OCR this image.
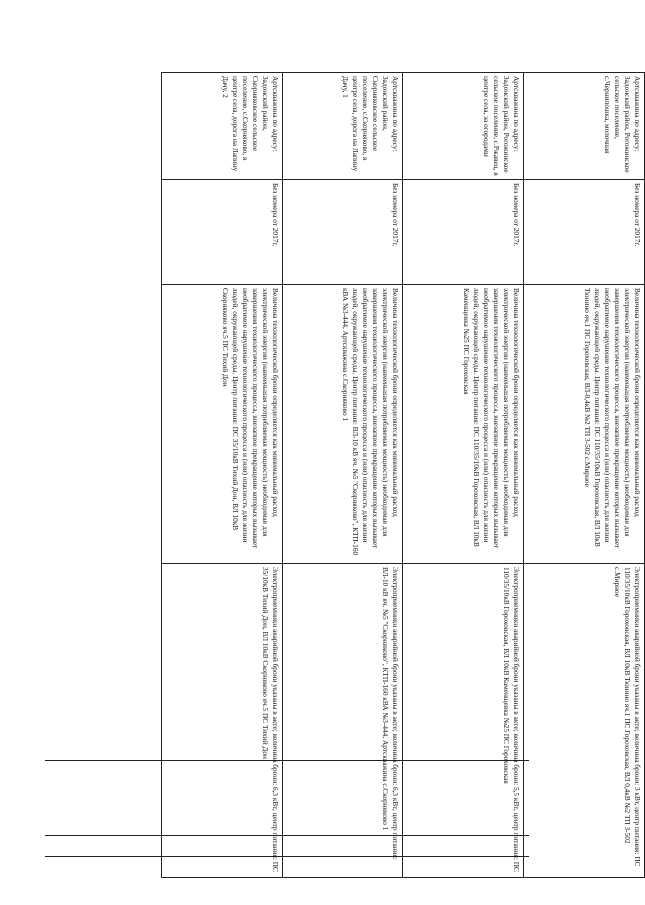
Артскважина по адресу: Задонский район, Рогожинское сельское поселение, с.Чернипошка, молочная	Без номера от 2017г.	Величина технологической брони определяется как минимальный расход электрической энергии (наименьшая потребляемая мощность) необходимая для завершения технологического процесса, внезапное прекращение которых вызывает необратимое нарушение технологического процесса и (или) опасность для жизни людей, окружающей среды. Центр питания: ПС 110/35/10кВ Гороховская, ВЛ 10кВ Тюнино яч.1 ПС Гороховская, ВЛ-0,4кВ №2 ТП 3-502 с.Мирное	Электроприемники аварийной брони указаны в акте; величина брони: 3 кВт, центр питания: ПС 110/35/10кВ Гороховская, ВЛ 10кВ Тюнино яч.1 ПС Гороховская, ВЛ 0,4кВ №2 ТП 3-502 с.Мирное
Артскважина по адресу: Задонский район, Рогожинское сельское поселение, с.Ржавец, в центре села, за огородами	Без номера от 2017г.	Величина технологической брони определяется как минимальный расход электрической энергии (наименьшая потребляемая мощность) необходимая для завершения технологического процесса, внезапное прекращение которых вызывает необратимое нарушение технологического процесса и (или) опасность для жизни людей, окружающей среды. Центр питания: ПС 110/35/10кВ Гороховская, ВЛ 10кВ Каменщевка №25 ПС Гороховская	Электроприемники аварийной брони указаны в акте; величина брони: 5,5 кВт, центр питания: ПС 110/35/10кВ Гороховская, ВЛ 10кВ Каменщевка №25 ПС Гороховская
Артскважина по адресу: Задонский район, Скорняковское сельское поселение, с.Скорняково, в центре села, дорога на Лапину Дачу, 1	Без номера от 2017г.	Величина технологической брони определяется как минимальный расход электрической энергии (наименьшая потребляемая мощность) необходимая для завершения технологического процесса, внезапное прекращение которых вызывает необратимое нарушение технологического процесса и (или) опасность для жизни людей, окружающей среды. Центр питания: ВЛ-10 кВ яч. №5 "Скорняково", КТП-160 кВА №3-444, Артскважина с.Скорняково 1	Электроприемники аварийной брони указаны в акте; величина брони: 6,3 кВт, центр питания: ВЛ-10 кВ яч. №5 "Скорняково", КТП-160 кВА №3-444, Артскважина с.Скорняково 1
Артскважина по адресу: Задонский район, Скорняковское сельское поселение, с.Скорняково, в центре села, дорога на Лапину Дачу, 2	Без номера от 2017г.	Величина технологической брони определяется как минимальный расход электрической энергии (наименьшая потребляемая мощность) необходимая для завершения технологического процесса, внезапное прекращение которых вызывает необратимое нарушение технологического процесса и (или) опасность для жизни людей, окружающей среды. Центр питания: ПС 35/10кВ Тихий Дон, ВЛ 10кВ Скорняково яч.5 ПС Тихий Дон	Электроприемники аварийной брони указаны в акте; величина брони: 6,3 кВт, центр питания: ПС 35/10кВ Тихий Дон, ВЛ 10кВ Скорняково яч.5 ПС Тихий Дон
